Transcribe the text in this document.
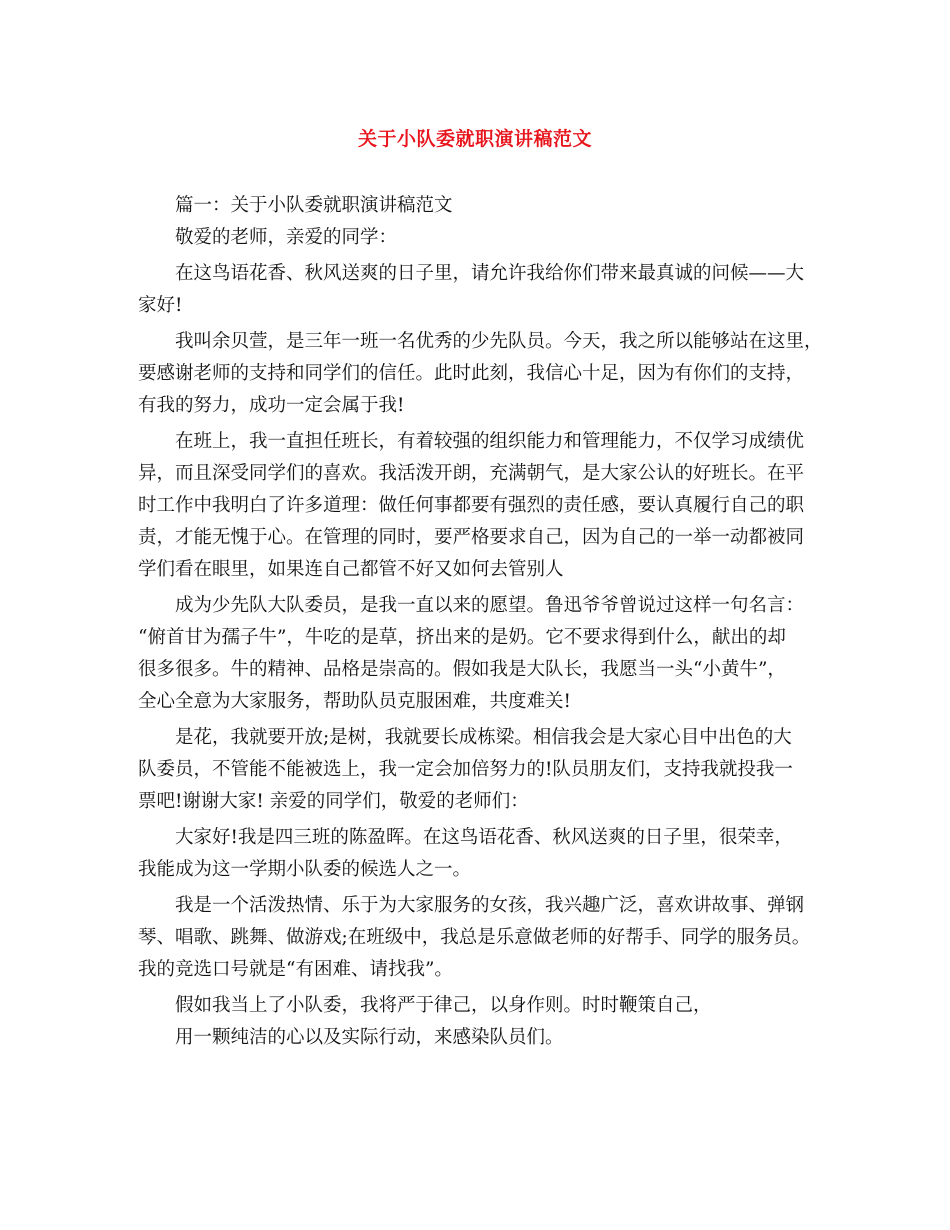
关于小队委就职演讲稿范文
篇一：关于小队委就职演讲稿范文
敬爱的老师，亲爱的同学：
在这鸟语花香、秋风送爽的日子里，请允许我给你们带来最真诚的问候——大
家好!
我叫余贝萱，是三年一班一名优秀的少先队员。今天，我之所以能够站在这里，
要感谢老师的支持和同学们的信任。此时此刻，我信心十足，因为有你们的支持，
有我的努力，成功一定会属于我!
在班上，我一直担任班长，有着较强的组织能力和管理能力，不仅学习成绩优
异，而且深受同学们的喜欢。我活泼开朗，充满朝气，是大家公认的好班长。在平
时工作中我明白了许多道理：做任何事都要有强烈的责任感，要认真履行自己的职
责，才能无愧于心。在管理的同时，要严格要求自己，因为自己的一举一动都被同
学们看在眼里，如果连自己都管不好又如何去管别人
成为少先队大队委员，是我一直以来的愿望。鲁迅爷爷曾说过这样一句名言：
“俯首甘为孺子牛”，牛吃的是草，挤出来的是奶。它不要求得到什么，献出的却
很多很多。牛的精神、品格是崇高的。假如我是大队长，我愿当一头“小黄牛”，
全心全意为大家服务，帮助队员克服困难，共度难关!
是花，我就要开放;是树，我就要长成栋梁。相信我会是大家心目中出色的大
队委员，不管能不能被选上，我一定会加倍努力的!队员朋友们，支持我就投我一
票吧!谢谢大家! 亲爱的同学们，敬爱的老师们：
大家好!我是四三班的陈盈晖。在这鸟语花香、秋风送爽的日子里，很荣幸，
我能成为这一学期小队委的候选人之一。
我是一个活泼热情、乐于为大家服务的女孩，我兴趣广泛，喜欢讲故事、弹钢
琴、唱歌、跳舞、做游戏;在班级中，我总是乐意做老师的好帮手、同学的服务员。
我的竞选口号就是“有困难、请找我”。
假如我当上了小队委，我将严于律己，以身作则。时时鞭策自己，
用一颗纯洁的心以及实际行动，来感染队员们。
